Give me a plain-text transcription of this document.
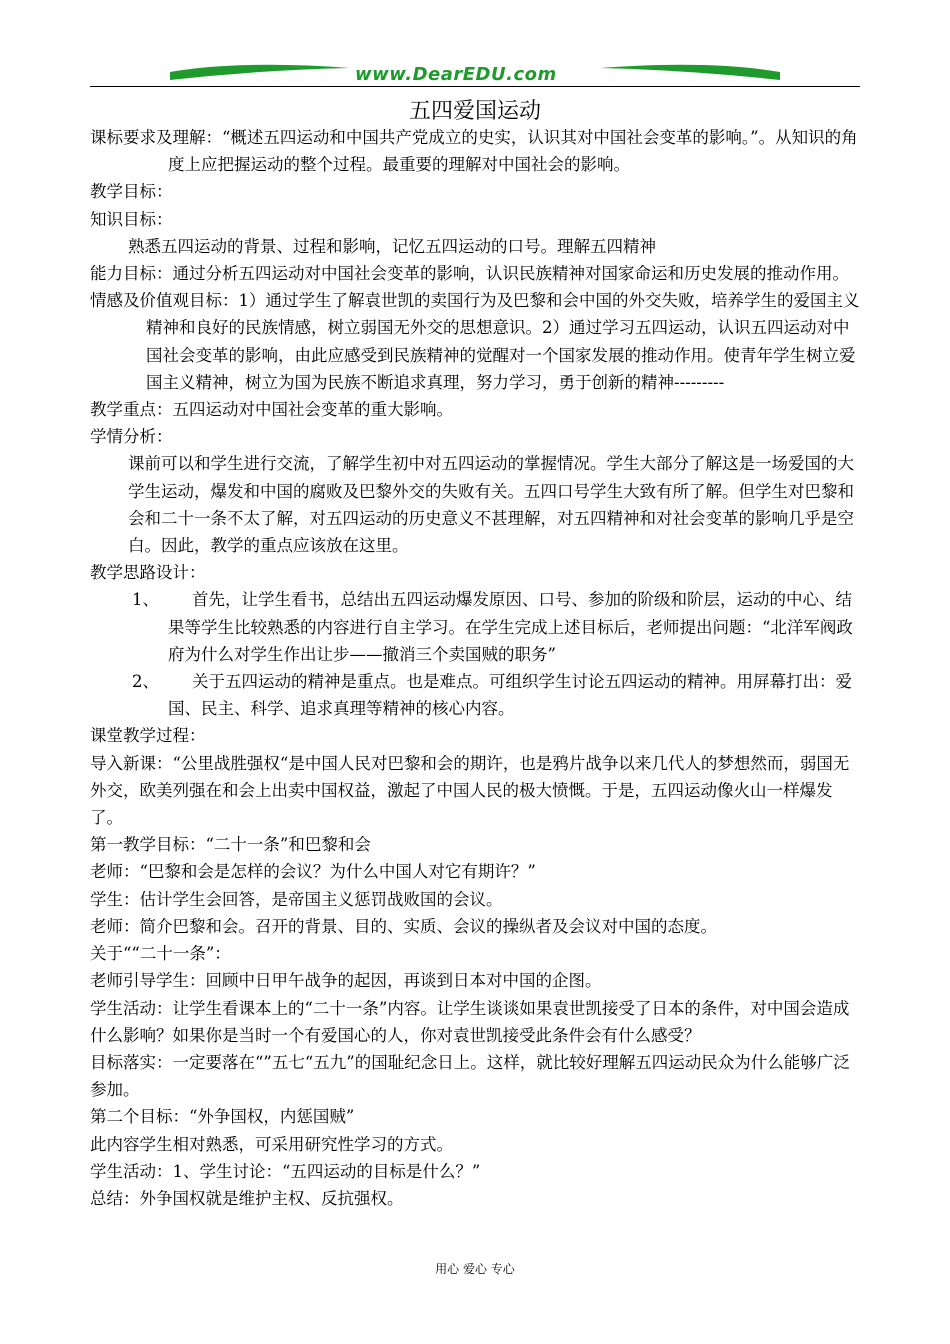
www.DearEDU.com
五四爱国运动

课标要求及理解：“概述五四运动和中国共产党成立的史实，认识其对中国社会变革的影响。”。从知识的角度上应把握运动的整个过程。最重要的理解对中国社会的影响。

教学目标：

知识目标：

熟悉五四运动的背景、过程和影响，记忆五四运动的口号。理解五四精神

能力目标：通过分析五四运动对中国社会变革的影响，认识民族精神对国家命运和历史发展的推动作用。

情感及价值观目标：1）通过学生了解袁世凯的卖国行为及巴黎和会中国的外交失败，培养学生的爱国主义精神和良好的民族情感，树立弱国无外交的思想意识。2）通过学习五四运动，认识五四运动对中国社会变革的影响，由此应感受到民族精神的觉醒对一个国家发展的推动作用。使青年学生树立爱国主义精神，树立为国为民族不断追求真理，努力学习，勇于创新的精神---------

教学重点：五四运动对中国社会变革的重大影响。

学情分析：

课前可以和学生进行交流，了解学生初中对五四运动的掌握情况。学生大部分了解这是一场爱国的大学生运动，爆发和中国的腐败及巴黎外交的失败有关。五四口号学生大致有所了解。但学生对巴黎和会和二十一条不太了解，对五四运动的历史意义不甚理解，对五四精神和对社会变革的影响几乎是空白。因此，教学的重点应该放在这里。

教学思路设计：

1、 首先，让学生看书，总结出五四运动爆发原因、口号、参加的阶级和阶层，运动的中心、结果等学生比较熟悉的内容进行自主学习。在学生完成上述目标后，老师提出问题：“北洋军阀政府为什么对学生作出让步——撤消三个卖国贼的职务”

2、 关于五四运动的精神是重点。也是难点。可组织学生讨论五四运动的精神。用屏幕打出：爱国、民主、科学、追求真理等精神的核心内容。

课堂教学过程：

导入新课：“公里战胜强权“是中国人民对巴黎和会的期许，也是鸦片战争以来几代人的梦想然而，弱国无外交，欧美列强在和会上出卖中国权益，激起了中国人民的极大愤慨。于是，五四运动像火山一样爆发了。

第一教学目标：“二十一条”和巴黎和会

老师：“巴黎和会是怎样的会议？为什么中国人对它有期许？”

学生：估计学生会回答，是帝国主义惩罚战败国的会议。

老师：简介巴黎和会。召开的背景、目的、实质、会议的操纵者及会议对中国的态度。

关于““二十一条”：

老师引导学生：回顾中日甲午战争的起因，再谈到日本对中国的企图。

学生活动：让学生看课本上的“二十一条”内容。让学生谈谈如果袁世凯接受了日本的条件，对中国会造成什么影响？如果你是当时一个有爱国心的人，你对袁世凯接受此条件会有什么感受？

目标落实：一定要落在“”五七“五九”的国耻纪念日上。这样，就比较好理解五四运动民众为什么能够广泛参加。

第二个目标：“外争国权，内惩国贼”

此内容学生相对熟悉，可采用研究性学习的方式。

学生活动：1、学生讨论：“五四运动的目标是什么？”

总结：外争国权就是维护主权、反抗强权。

用心 爱心 专心
